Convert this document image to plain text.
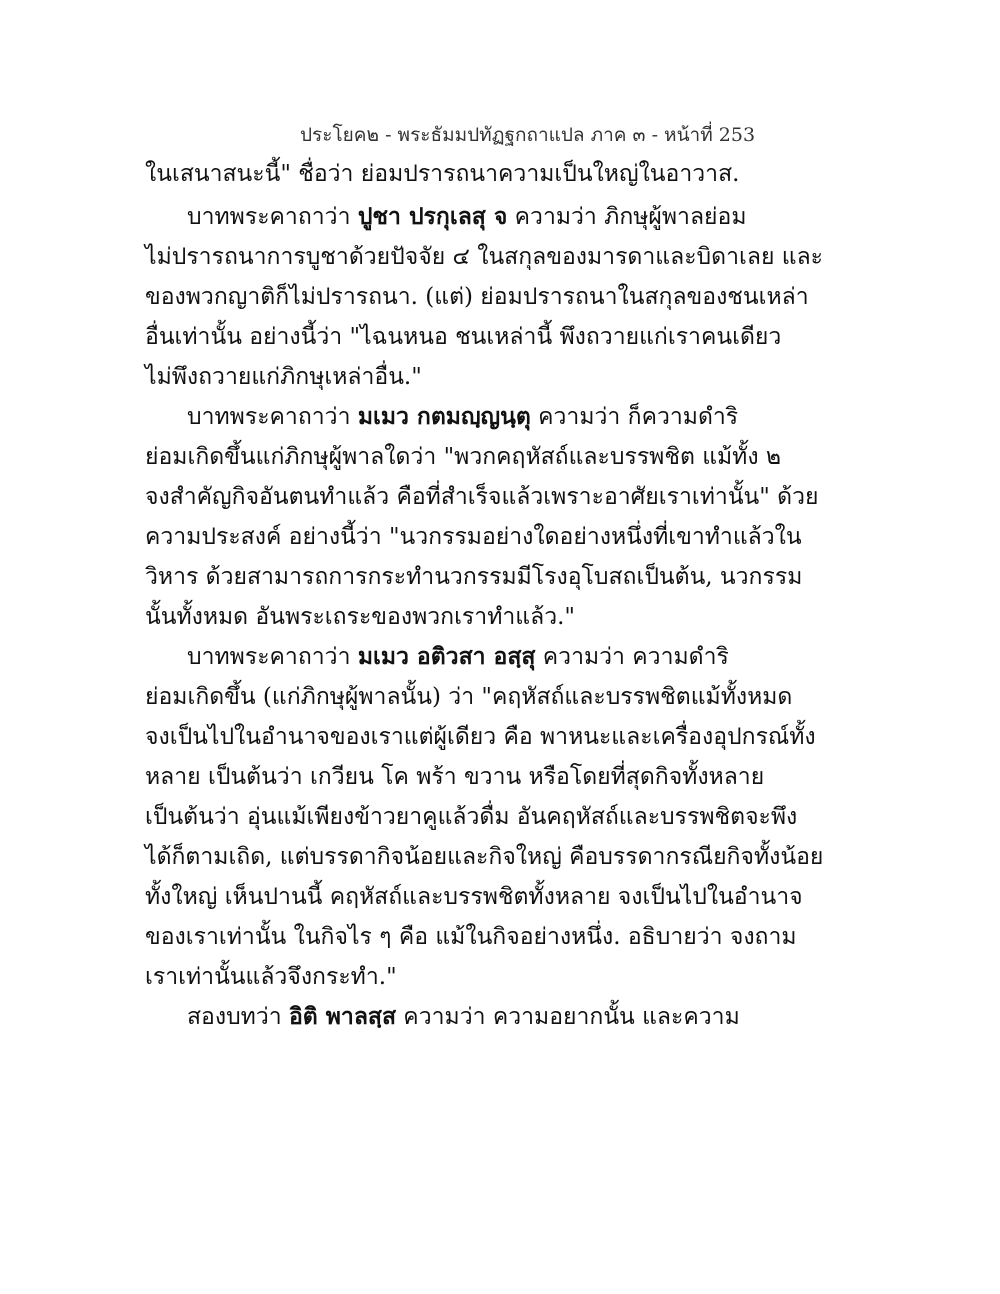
ประโยค๒ - พระธัมมปทัฏฐกถาแปล ภาค ๓ - หน้าที่ 253
ในเสนาสนะนี้" ชื่อว่า ย่อมปรารถนาความเป็นใหญ่ในอาวาส.
บาทพระคาถาว่า ปูชา ปรกุเลสุ จ ความว่า ภิกษุผู้พาลย่อม
ไม่ปรารถนาการบูชาด้วยปัจจัย ๔ ในสกุลของมารดาและบิดาเลย และ
ของพวกญาติก็ไม่ปรารถนา. (แต่) ย่อมปรารถนาในสกุลของชนเหล่า
อื่นเท่านั้น อย่างนี้ว่า "ไฉนหนอ ชนเหล่านี้ พึงถวายแก่เราคนเดียว
ไม่พึงถวายแก่ภิกษุเหล่าอื่น."
บาทพระคาถาว่า มเมว กตมญฺญนฺตุ ความว่า ก็ความดำริ
ย่อมเกิดขึ้นแก่ภิกษุผู้พาลใดว่า "พวกคฤหัสถ์และบรรพชิต แม้ทั้ง ๒
จงสำคัญกิจอันตนทำแล้ว คือที่สำเร็จแล้วเพราะอาศัยเราเท่านั้น" ด้วย
ความประสงค์ อย่างนี้ว่า "นวกรรมอย่างใดอย่างหนึ่งที่เขาทำแล้วใน
วิหาร ด้วยสามารถการกระทำนวกรรมมีโรงอุโบสถเป็นต้น, นวกรรม
นั้นทั้งหมด อันพระเถระของพวกเราทำแล้ว."
บาทพระคาถาว่า มเมว อติวสา อสฺสุ ความว่า ความดำริ
ย่อมเกิดขึ้น (แก่ภิกษุผู้พาลนั้น) ว่า "คฤหัสถ์และบรรพชิตแม้ทั้งหมด
จงเป็นไปในอำนาจของเราแต่ผู้เดียว คือ พาหนะและเครื่องอุปกรณ์ทั้ง
หลาย เป็นต้นว่า เกวียน โค พร้า ขวาน หรือโดยที่สุดกิจทั้งหลาย
เป็นต้นว่า อุ่นแม้เพียงข้าวยาคูแล้วดื่ม อันคฤหัสถ์และบรรพชิตจะพึง
ได้ก็ตามเถิด, แต่บรรดากิจน้อยและกิจใหญ่ คือบรรดากรณียกิจทั้งน้อย
ทั้งใหญ่ เห็นปานนี้ คฤหัสถ์และบรรพชิตทั้งหลาย จงเป็นไปในอำนาจ
ของเราเท่านั้น ในกิจไร ๆ คือ แม้ในกิจอย่างหนึ่ง. อธิบายว่า จงถาม
เราเท่านั้นแล้วจึงกระทำ."
สองบทว่า อิติ พาลสฺส ความว่า ความอยากนั้น และความ
